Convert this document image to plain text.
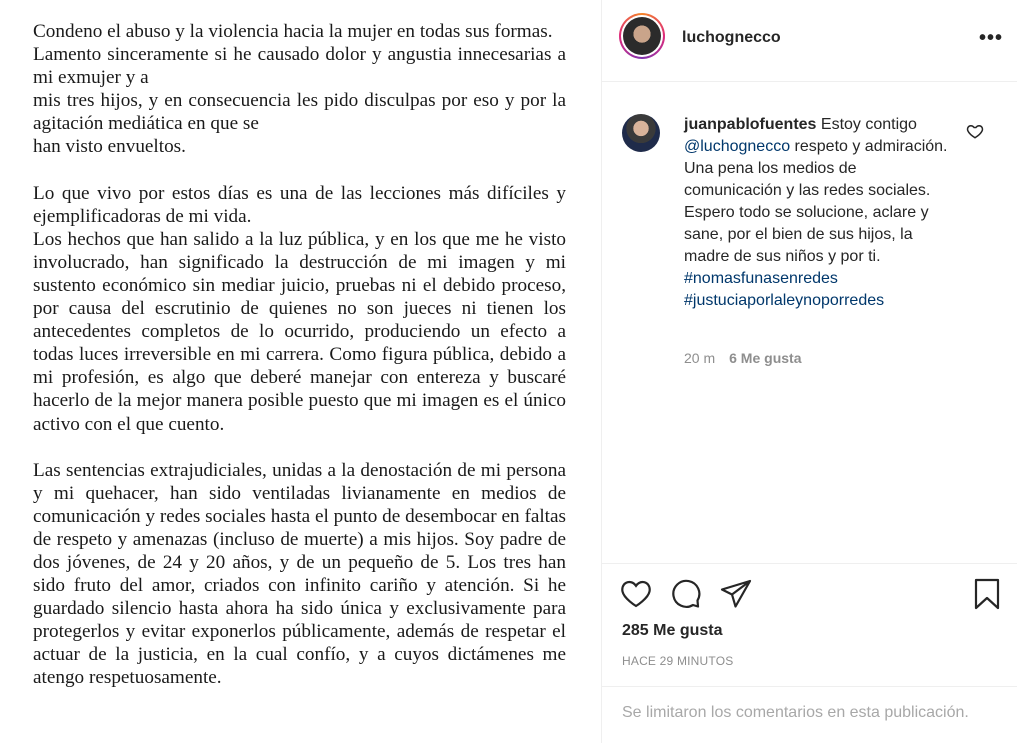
Condeno el abuso y la violencia hacia la mujer en todas sus formas.

Lamento sinceramente si he causado dolor y angustia innecesarias a mi exmujer y a

mis tres hijos, y en consecuencia les pido disculpas por eso y por la agitación mediática en que se

han visto envueltos.

Lo que vivo por estos días es una de las lecciones más difíciles y ejemplificadoras de mi vida.

Los hechos que han salido a la luz pública, y en los que me he visto involucrado, han significado la destrucción de mi imagen y mi sustento económico sin mediar juicio, pruebas ni el debido proceso, por causa del escrutinio de quienes no son jueces ni tienen los antecedentes completos de lo ocurrido, produciendo un efecto a todas luces irreversible en mi carrera. Como figura pública, debido a mi profesión, es algo que deberé manejar con entereza y buscaré hacerlo de la mejor manera posible puesto que mi imagen es el único activo con el que cuento.

Las sentencias extrajudiciales, unidas a la denostación de mi persona y mi quehacer, han sido ventiladas livianamente en medios de comunicación y redes sociales hasta el punto de desembocar en faltas de respeto y amenazas (incluso de muerte) a mis hijos. Soy padre de dos jóvenes, de 24 y 20 años, y de un pequeño de 5. Los tres han sido fruto del amor, criados con infinito cariño y atención. Si he guardado silencio hasta ahora ha sido única y exclusivamente para protegerlos y evitar exponerlos públicamente, además de respetar el actuar de la justicia, en la cual confío, y a cuyos dictámenes me atengo respetuosamente.

luchognecco	•••
juanpablofuentes Estoy contigo @luchognecco respeto y admiración. Una pena los medios de comunicación y las redes sociales. Espero todo se solucione, aclare y sane, por el bien de sus hijos, la madre de sus niños y por ti.
#nomasfunasenredes
#justuciaporlaleynoporredes
20 m 6 Me gusta
285 Me gusta
HACE 29 MINUTOS
Se limitaron los comentarios en esta publicación.
